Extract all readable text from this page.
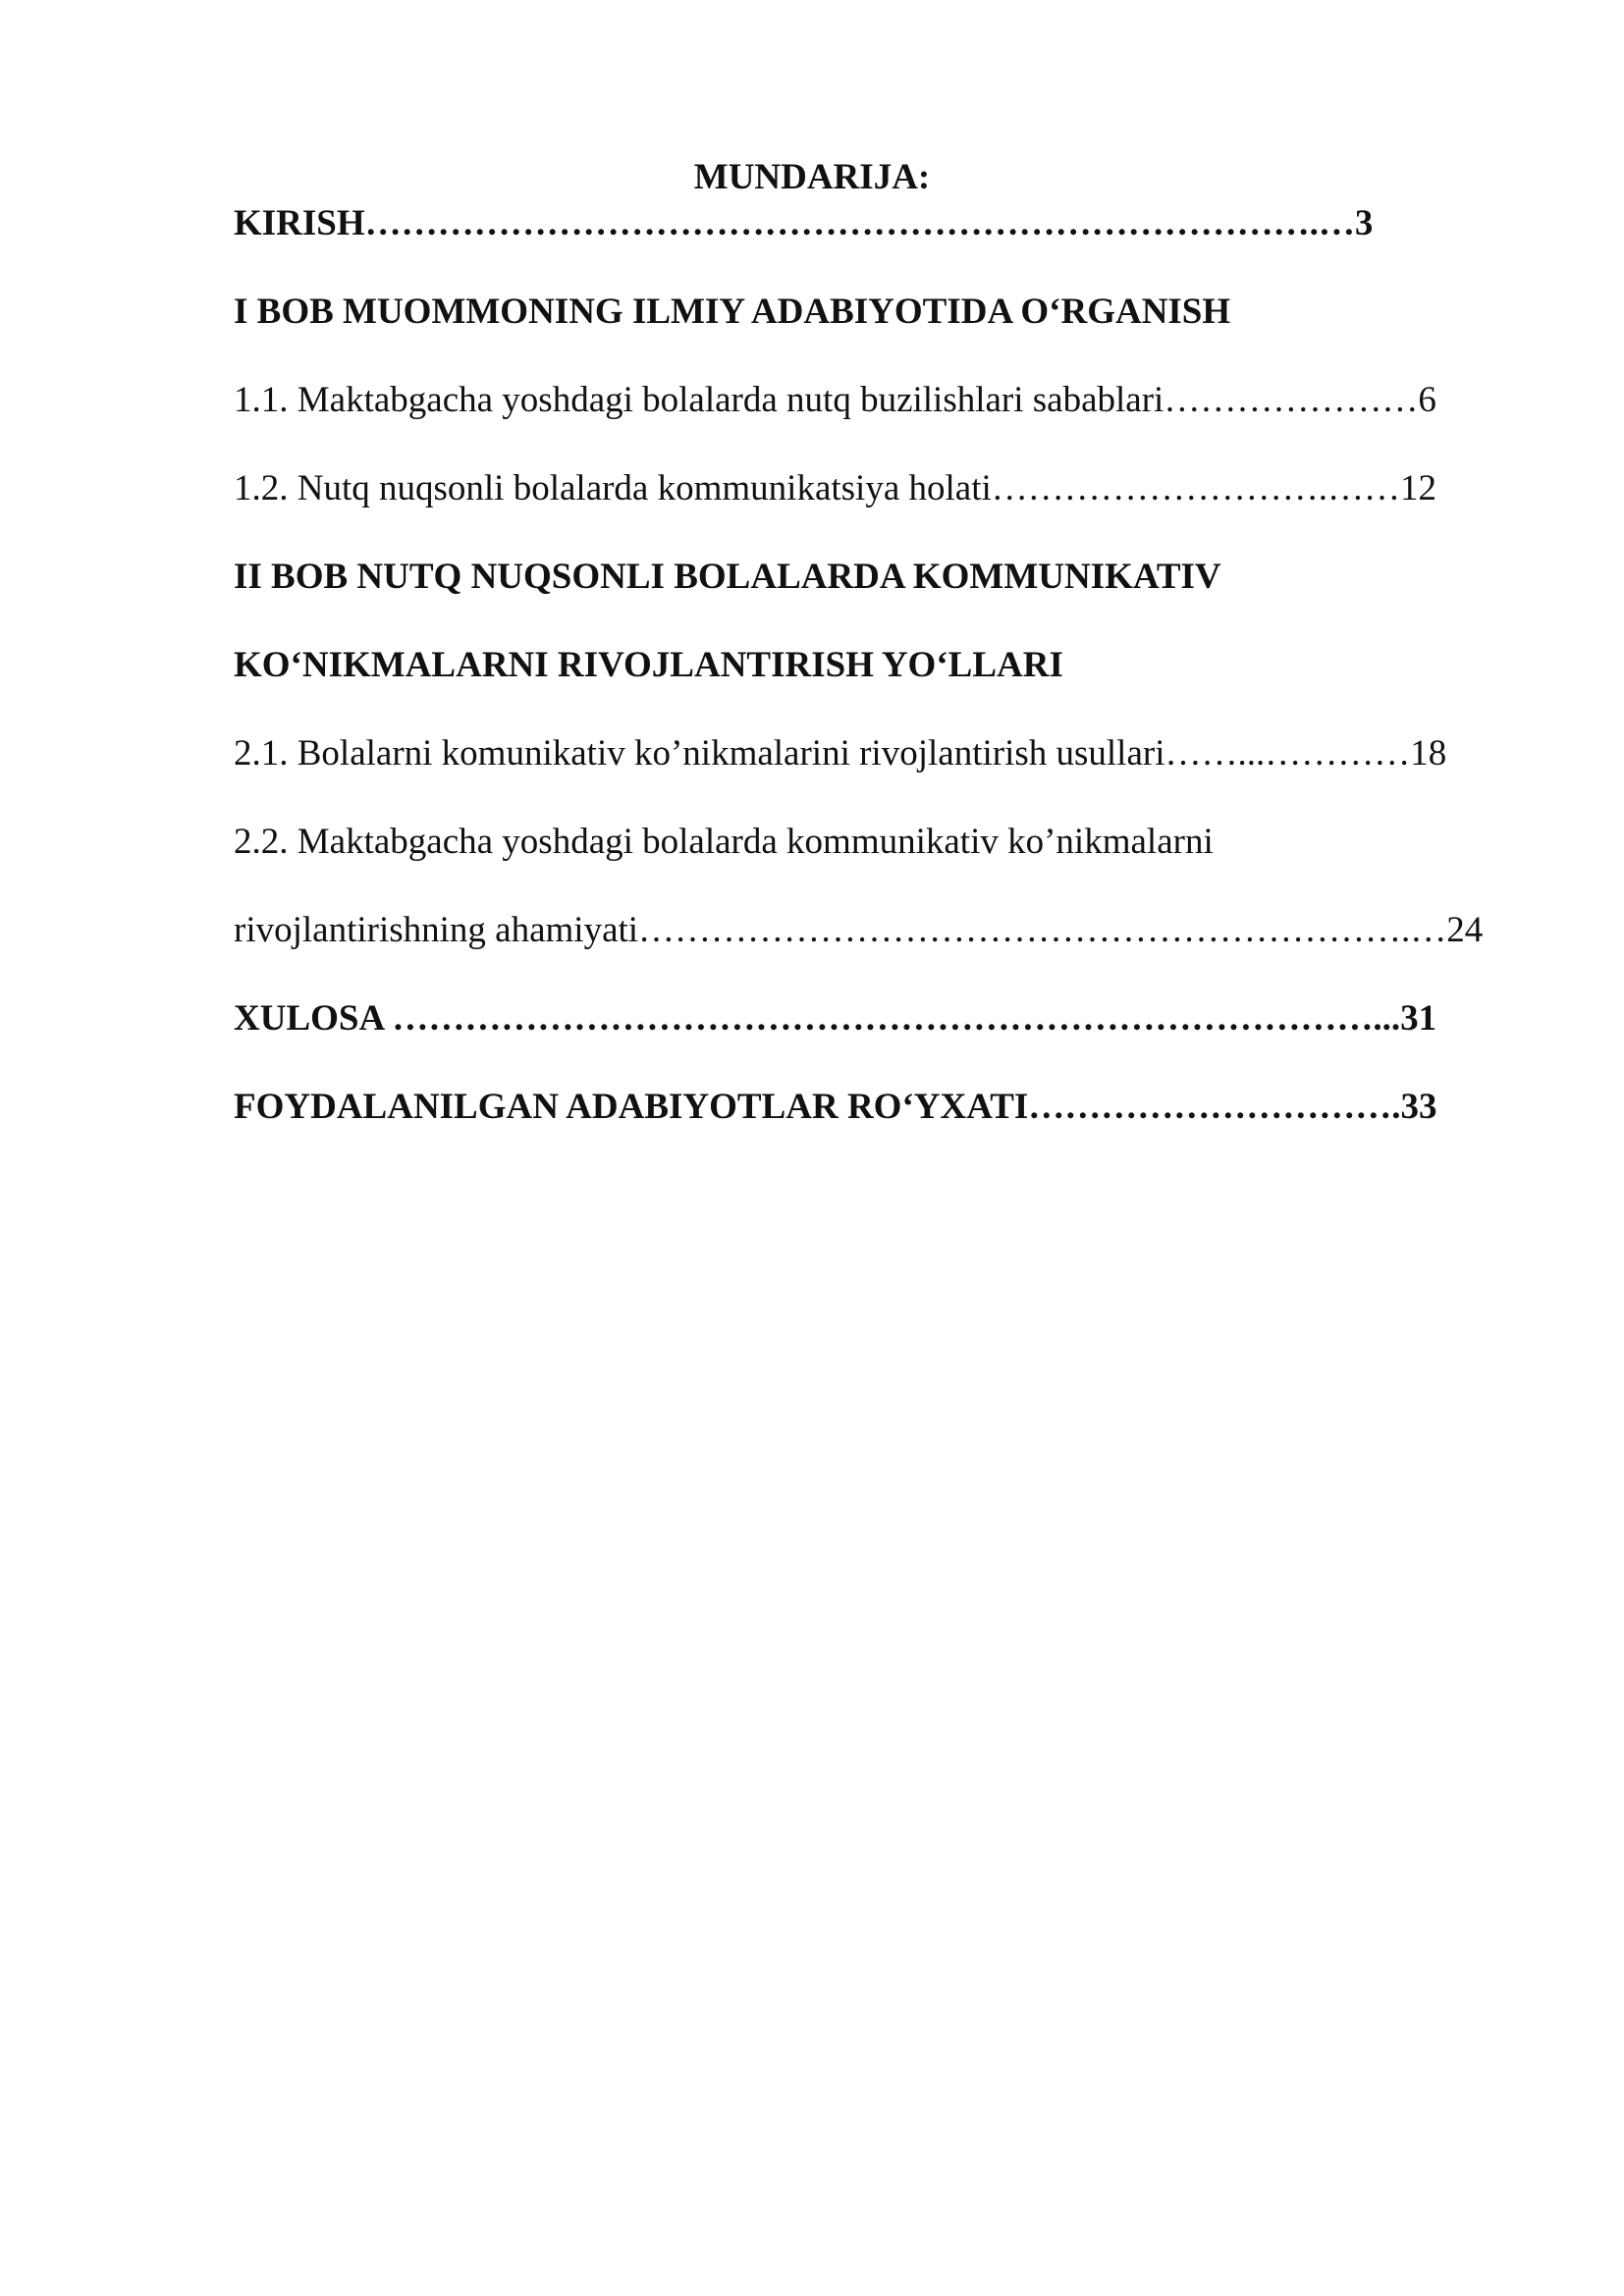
MUNDARIJA:
KIRISH…………………………………………………………………….…3
I BOB MUOMMONING ILMIY ADABIYOTIDA O‘RGANISH
1.1. Maktabgacha yoshdagi bolalarda nutq buzilishlari sabablari…………………6
1.2. Nutq nuqsonli bolalarda kommunikatsiya holati……………………….……12
II BOB NUTQ NUQSONLI BOLALARDA KOMMUNIKATIV
KO‘NIKMALARNI RIVOJLANTIRISH YO‘LLARI
2.1. Bolalarni komunikativ ko’nikmalarini rivojlantirish usullari……...…………18
2.2. Maktabgacha yoshdagi bolalarda kommunikativ ko’nikmalarni
rivojlantirishning ahamiyati……………………………………………………….…24
XULOSA ………………………………………………………………………...31
FOYDALANILGAN ADABIYOTLAR RO‘YXATI………………………….33
